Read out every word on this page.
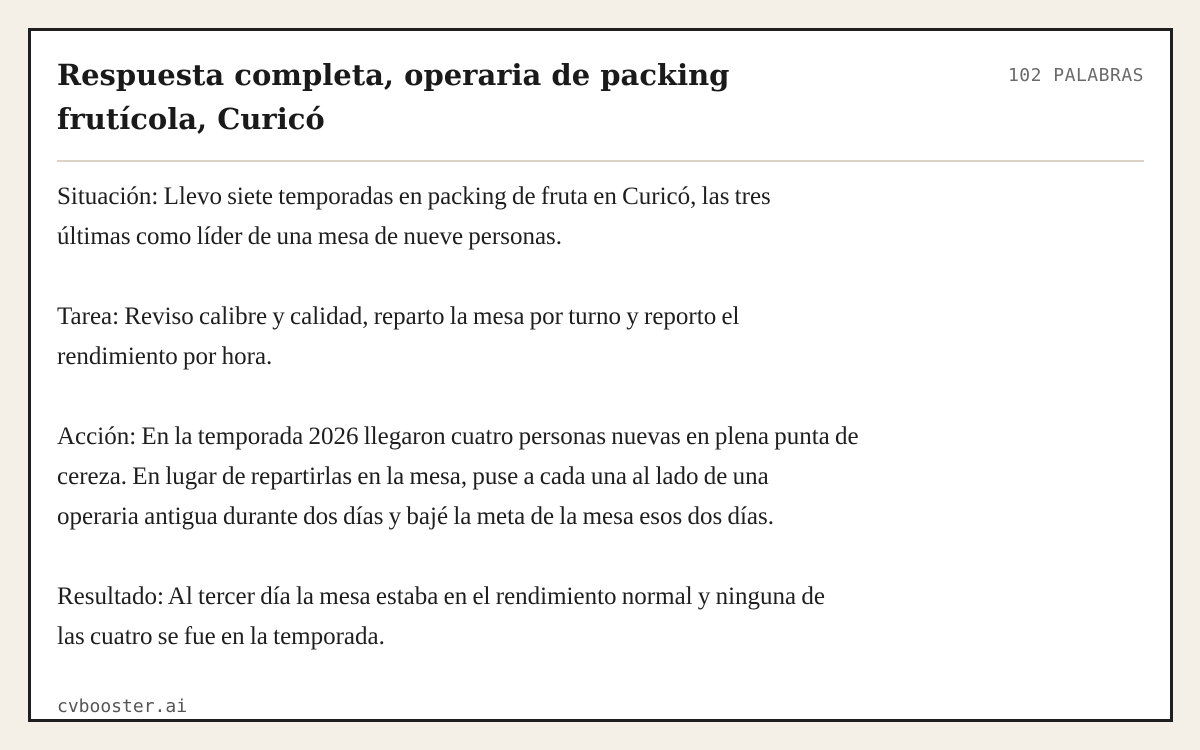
Respuesta completa, operaria de packing frutícola, Curicó
102 PALABRAS

Situación: Llevo siete temporadas en packing de fruta en Curicó, las tres
últimas como líder de una mesa de nueve personas.

Tarea: Reviso calibre y calidad, reparto la mesa por turno y reporto el
rendimiento por hora.

Acción: En la temporada 2026 llegaron cuatro personas nuevas en plena punta de
cereza. En lugar de repartirlas en la mesa, puse a cada una al lado de una
operaria antigua durante dos días y bajé la meta de la mesa esos dos días.

Resultado: Al tercer día la mesa estaba en el rendimiento normal y ninguna de
las cuatro se fue en la temporada.

cvbooster.ai
